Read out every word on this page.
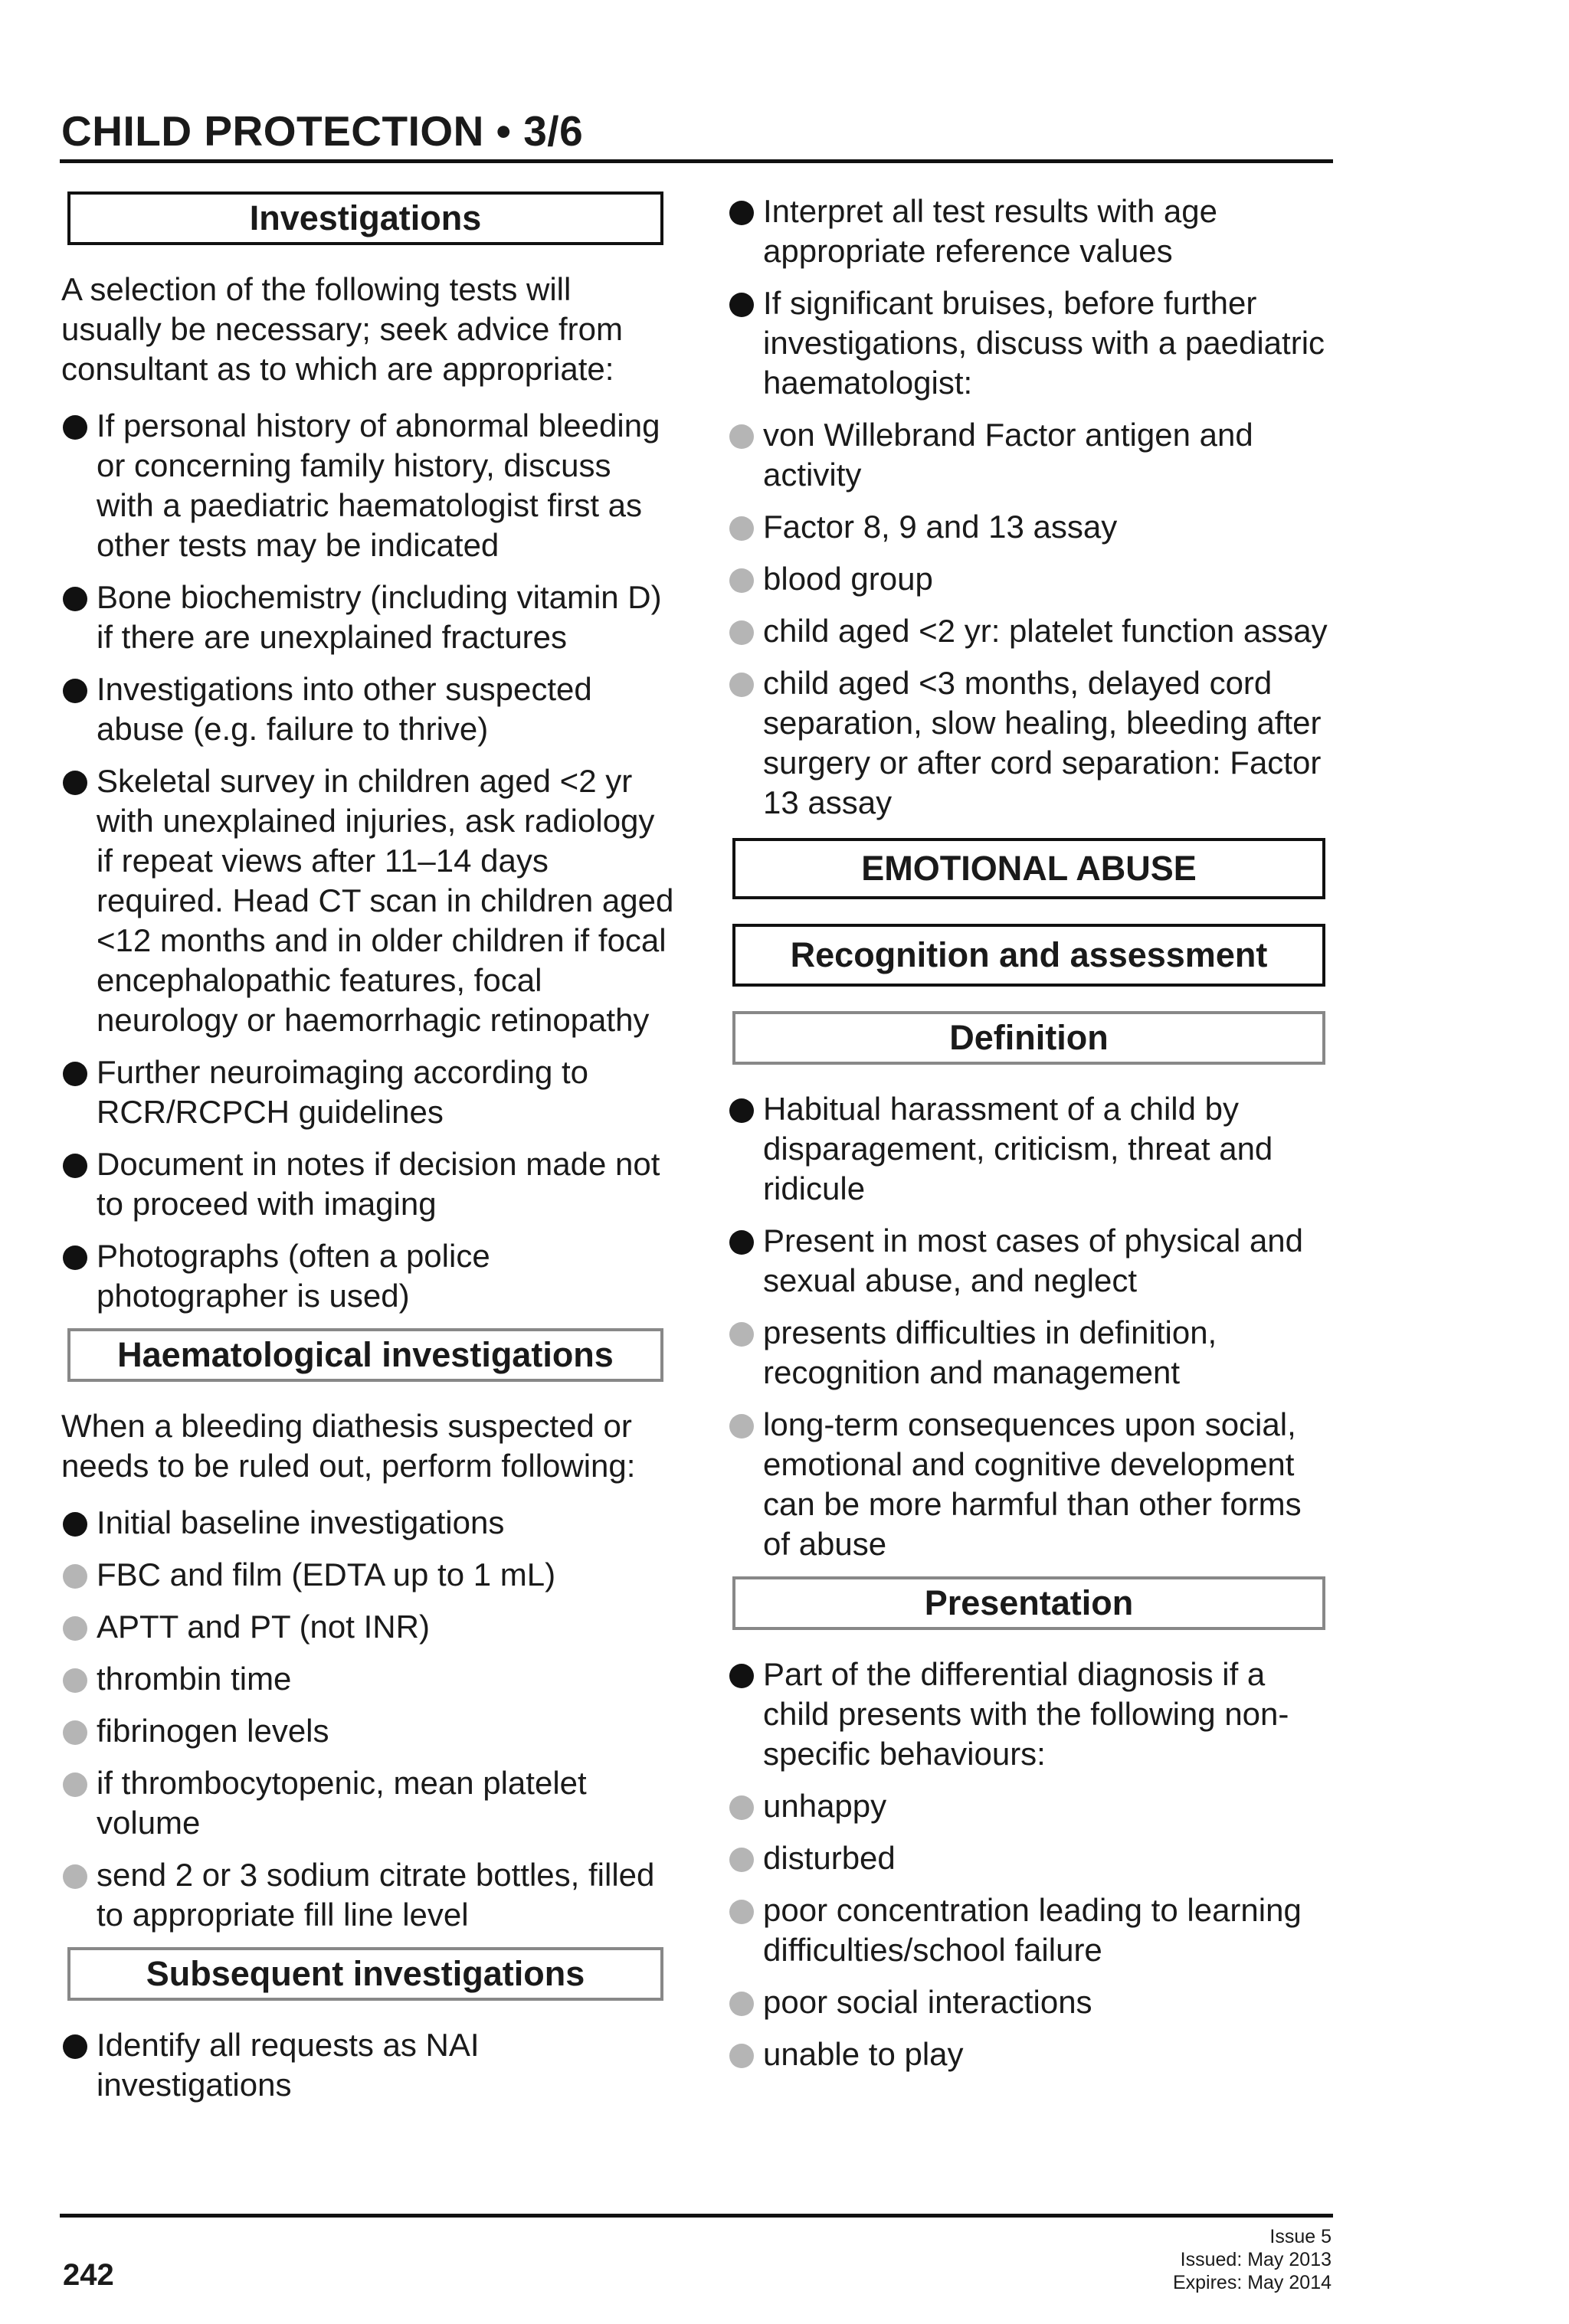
CHILD PROTECTION • 3/6
Investigations

A selection of the following tests will usually be necessary; seek advice from consultant as to which are appropriate:

If personal history of abnormal bleeding or concerning family history, discuss with a paediatric haematologist first as other tests may be indicated
Bone biochemistry (including vitamin D) if there are unexplained fractures
Investigations into other suspected abuse (e.g. failure to thrive)
Skeletal survey in children aged <2 yr with unexplained injuries, ask radiology if repeat views after 11–14 days required. Head CT scan in children aged <12 months and in older children if focal encephalopathic features, focal neurology or haemorrhagic retinopathy
Further neuroimaging according to RCR/RCPCH guidelines
Document in notes if decision made not to proceed with imaging
Photographs (often a police photographer is used)
Haematological investigations

When a bleeding diathesis suspected or needs to be ruled out, perform following:

Initial baseline investigations
FBC and film (EDTA up to 1 mL)
APTT and PT (not INR)
thrombin time
fibrinogen levels
if thrombocytopenic, mean platelet volume
send 2 or 3 sodium citrate bottles, filled to appropriate fill line level
Subsequent investigations
Identify all requests as NAI investigations
Interpret all test results with age appropriate reference values
If significant bruises, before further investigations, discuss with a paediatric haematologist:
von Willebrand Factor antigen and activity
Factor 8, 9 and 13 assay
blood group
child aged <2 yr: platelet function assay
child aged <3 months, delayed cord separation, slow healing, bleeding after surgery or after cord separation: Factor 13 assay
EMOTIONAL ABUSE
Recognition and assessment
Definition
Habitual harassment of a child by disparagement, criticism, threat and ridicule
Present in most cases of physical and sexual abuse, and neglect
presents difficulties in definition, recognition and management
long-term consequences upon social, emotional and cognitive development can be more harmful than other forms of abuse
Presentation
Part of the differential diagnosis if a child presents with the following non-specific behaviours:
unhappy
disturbed
poor concentration leading to learning difficulties/school failure
poor social interactions
unable to play
242
Issue 5
Issued: May 2013
Expires: May 2014
